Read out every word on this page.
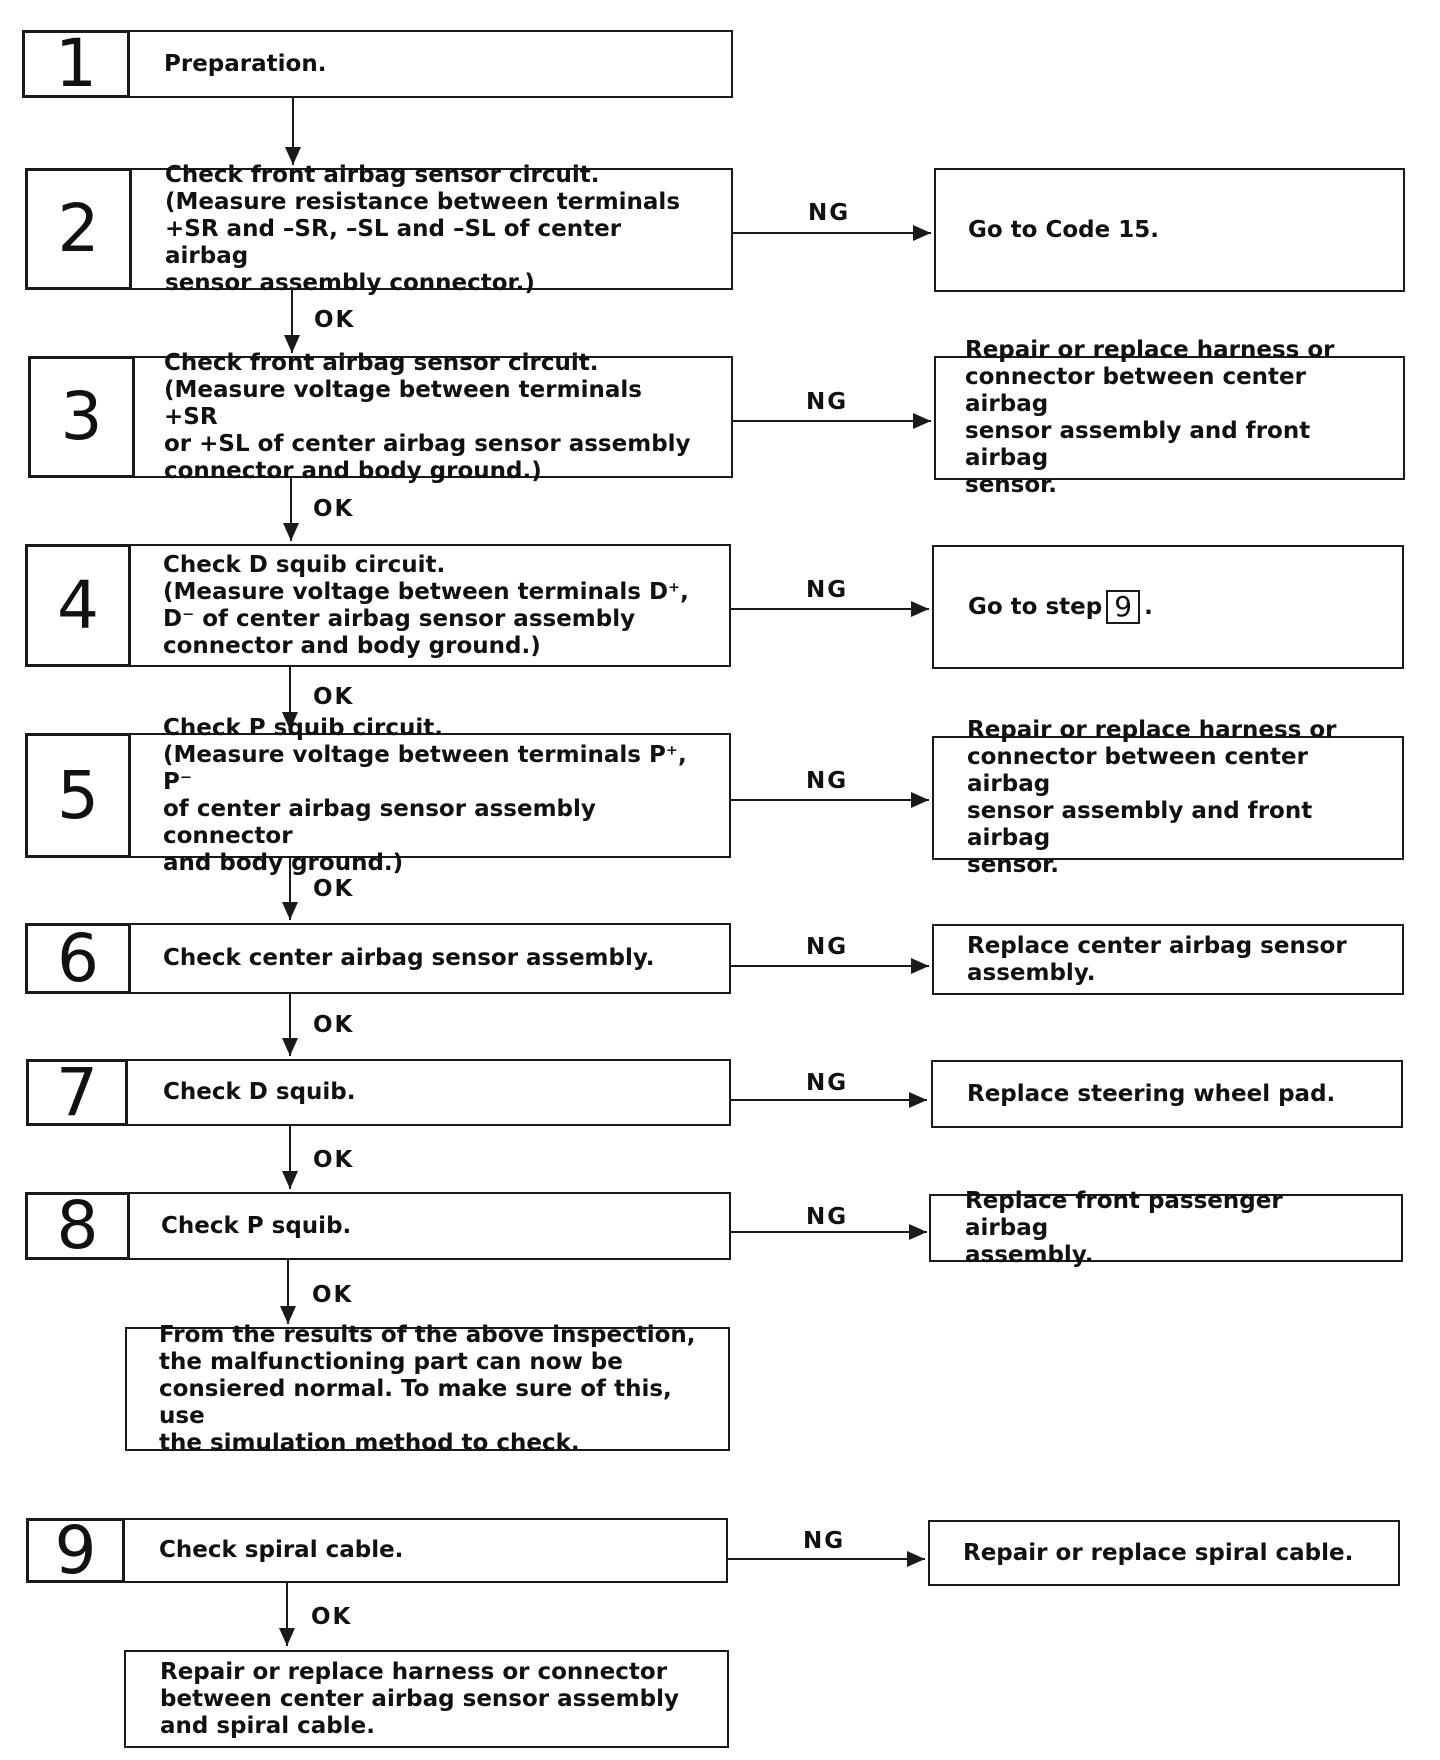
1	Preparation.
2
Check front airbag sensor circuit.
(Measure resistance between terminals
+SR and –SR, –SL and –SL of center airbag
sensor assembly connector.)
OK
NG
Go to Code 15.
3
Check front airbag sensor circuit.
(Measure voltage between terminals +SR
or +SL of center airbag sensor assembly
connector and body ground.)
OK
NG
Repair or replace harness or
connector between center airbag
sensor assembly and front airbag
sensor.
4
Check D squib circuit.
(Measure voltage between terminals D⁺,
D⁻ of center airbag sensor assembly
connector and body ground.)
OK
NG
Go to step 9 .
5
Check P squib circuit.
(Measure voltage between terminals P⁺, P⁻
of center airbag sensor assembly connector
and body ground.)
OK
NG
Repair or replace harness or
connector between center airbag
sensor assembly and front airbag
sensor.
6	Check center airbag sensor assembly.
OK
NG	Replace center airbag sensor
assembly.
7	Check D squib.
OK
NG	Replace steering wheel pad.
8	Check P squib.
OK
NG
Replace front passenger airbag
assembly.
From the results of the above inspection,
the malfunctioning part can now be
consiered normal. To make sure of this, use
the simulation method to check.
9	Check spiral cable.
OK
NG	Repair or replace spiral cable.
Repair or replace harness or connector
between center airbag sensor assembly
and spiral cable.
